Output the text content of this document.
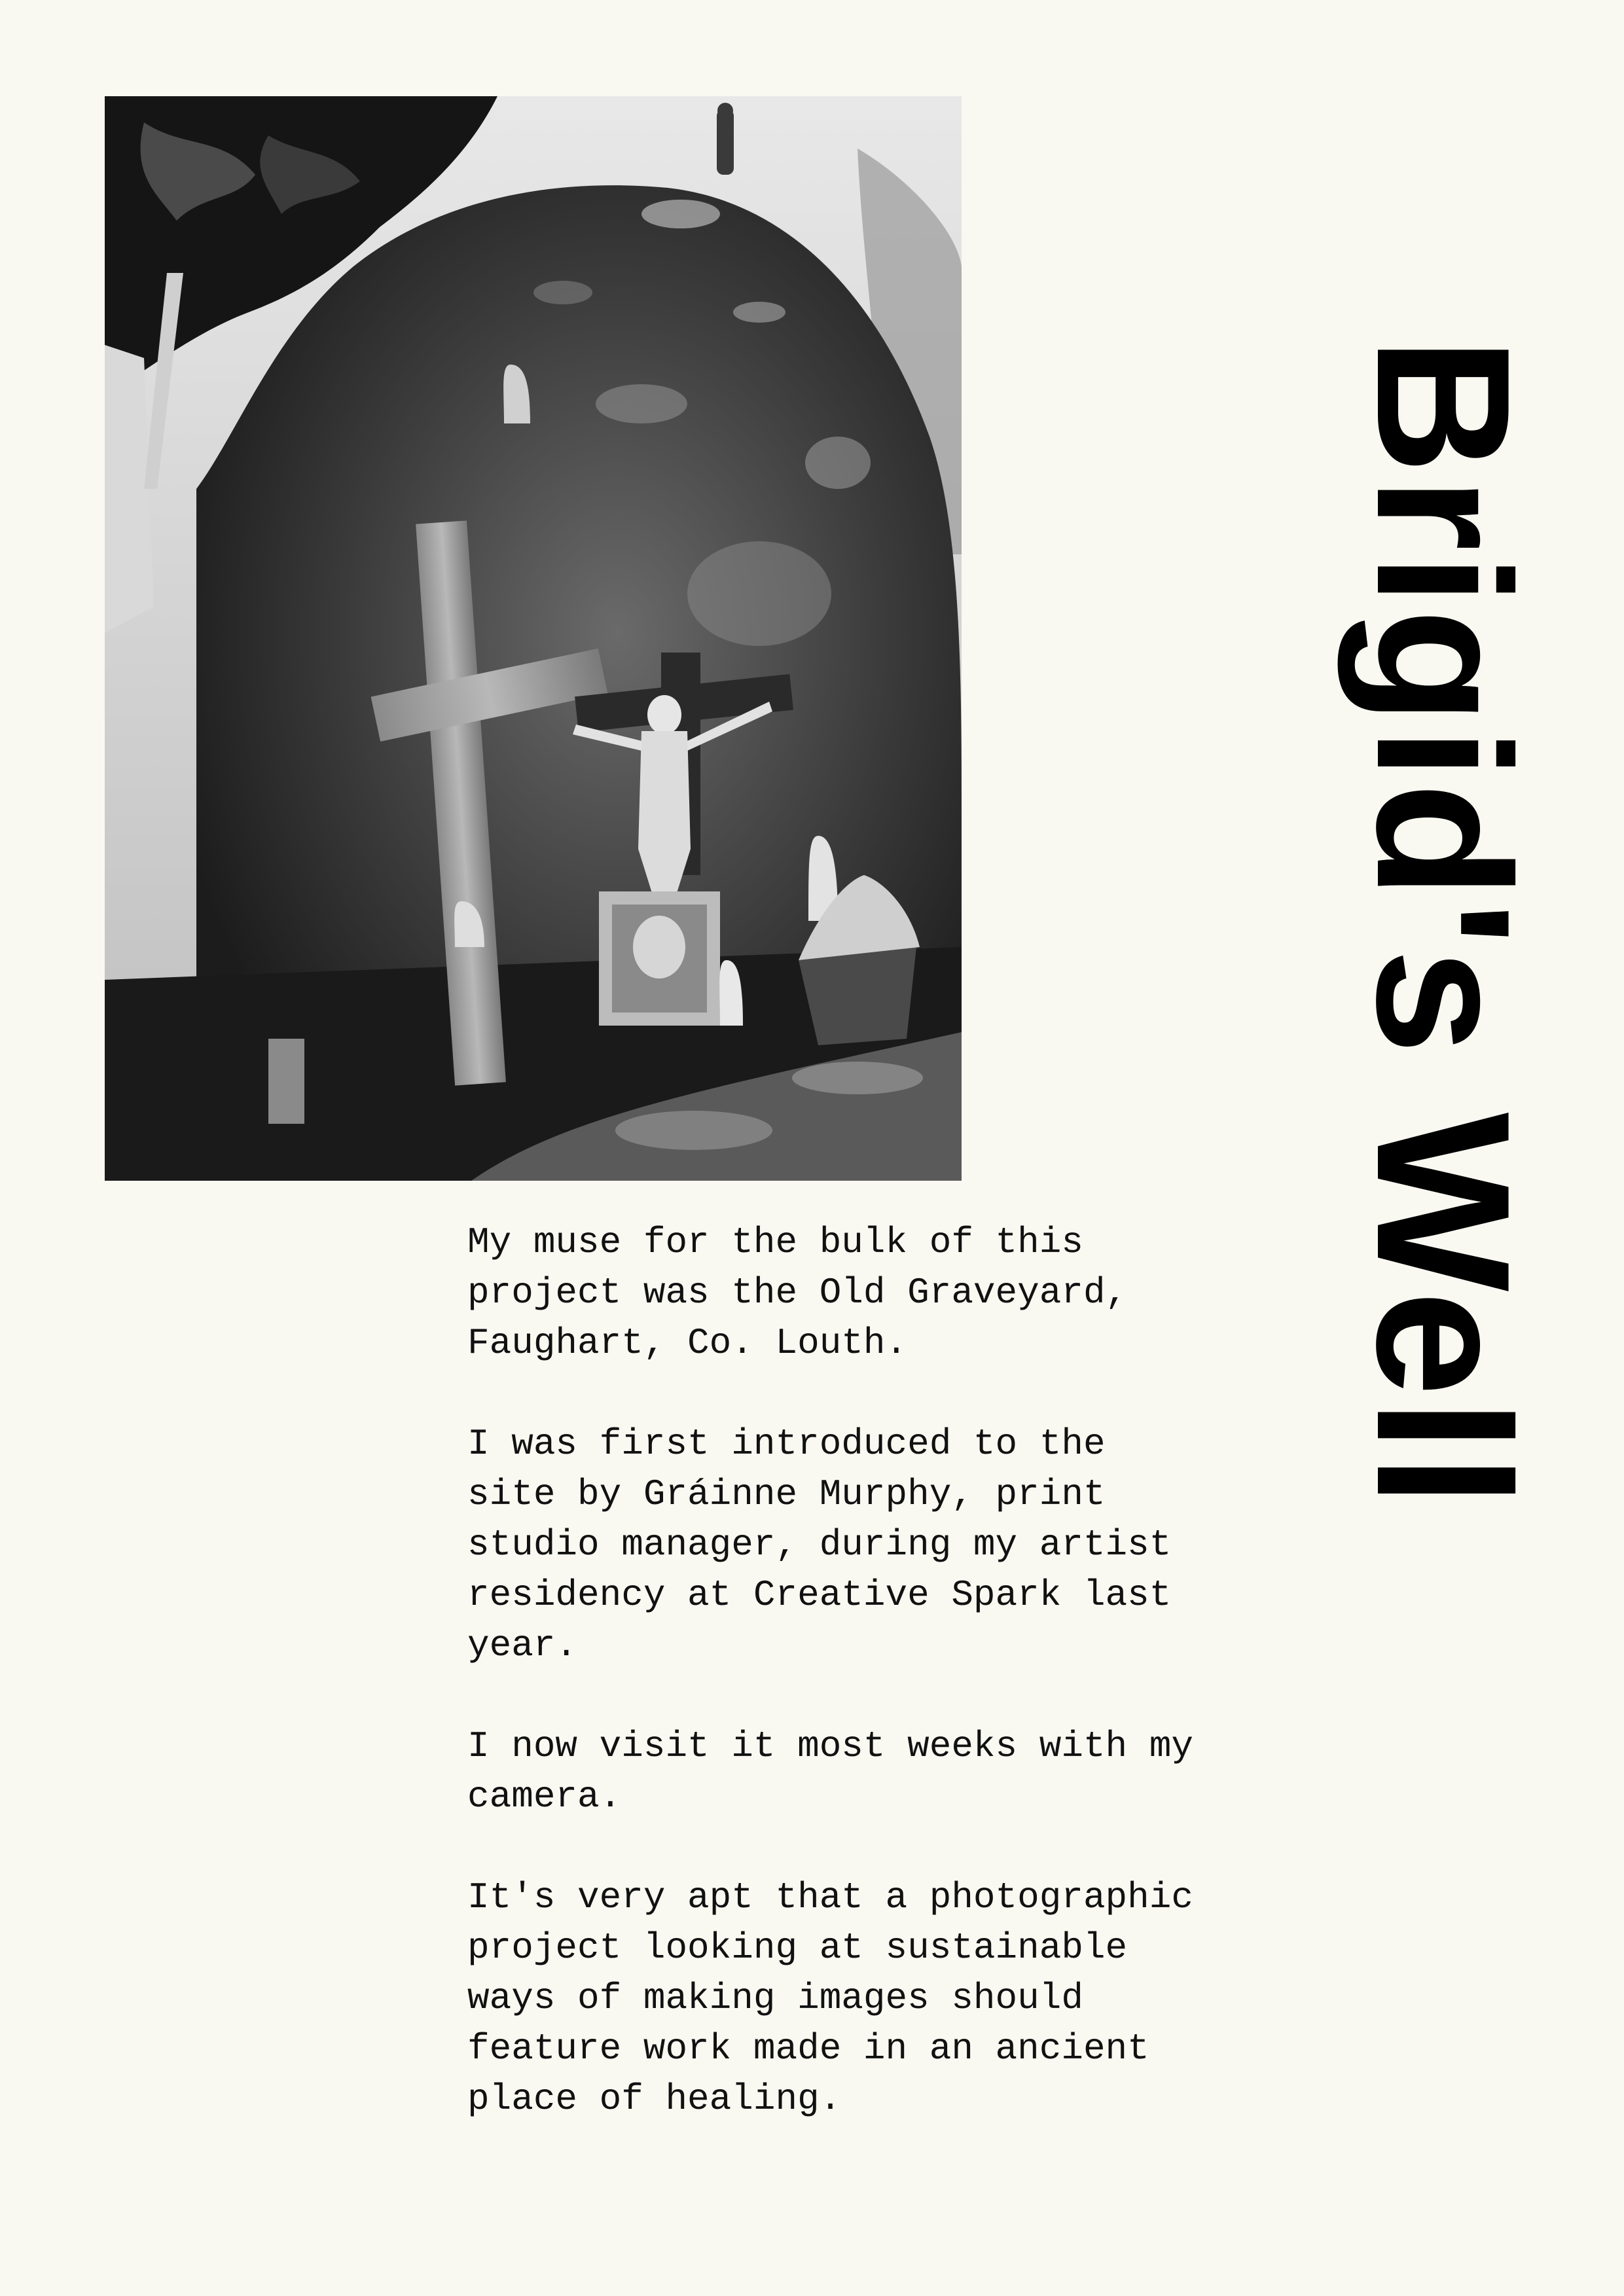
Brigid's Well

My muse for the bulk of this
project was the Old Graveyard,
Faughart, Co. Louth.

I was first introduced to the
site by Gráinne Murphy, print
studio manager, during my artist
residency at Creative Spark last
year.

I now visit it most weeks with my
camera.

It's very apt that a photographic
project looking at sustainable
ways of making images should
feature work made in an ancient
place of healing.
